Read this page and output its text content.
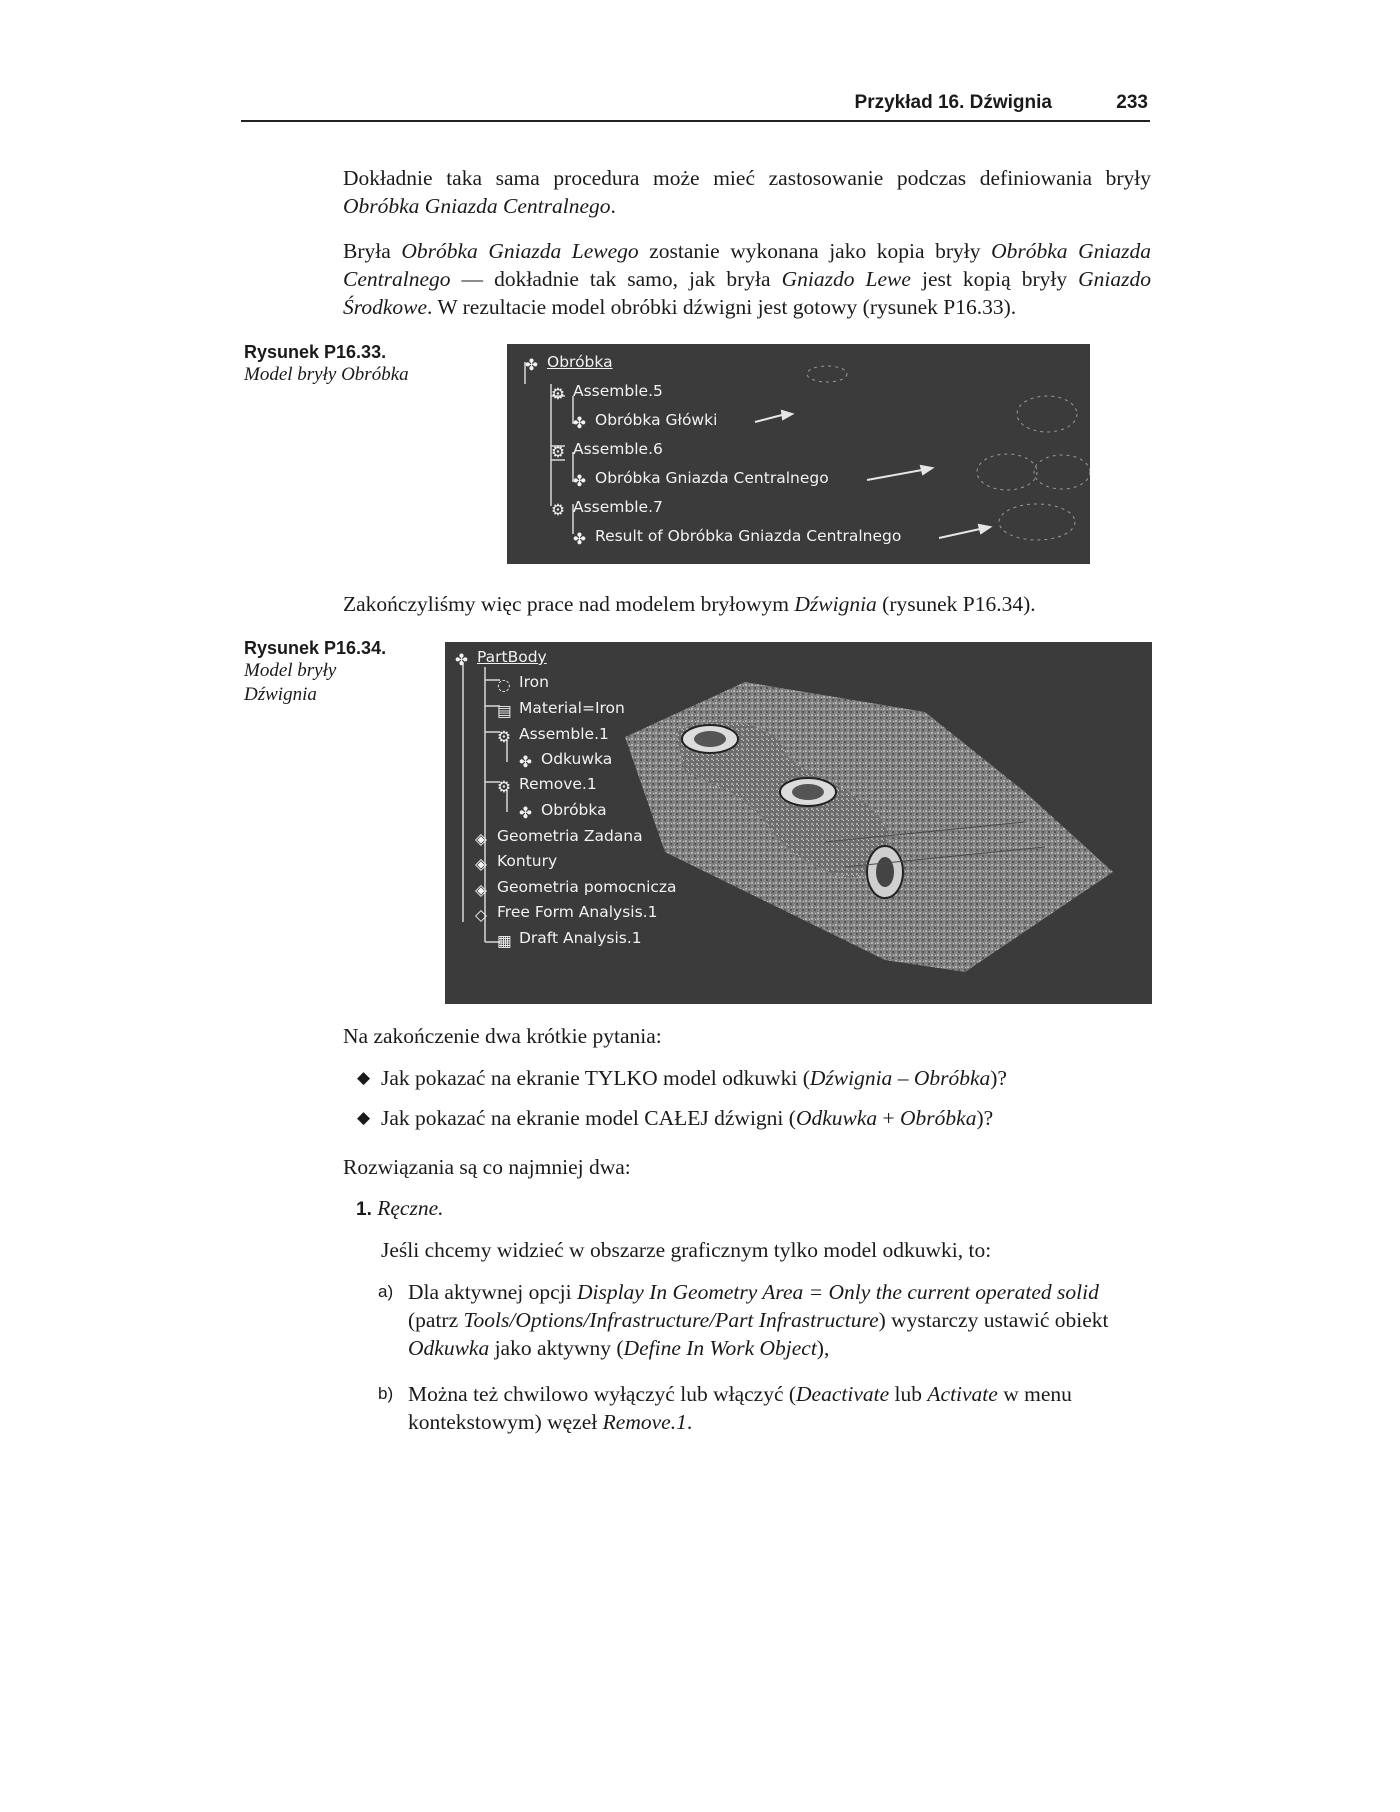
Przykład 16. Dźwignia	233
Dokładnie taka sama procedura może mieć zastosowanie podczas definiowania bryły Obróbka Gniazda Centralnego.
Bryła Obróbka Gniazda Lewego zostanie wykonana jako kopia bryły Obróbka Gniazda Centralnego — dokładnie tak samo, jak bryła Gniazdo Lewe jest kopią bryły Gniazdo Środkowe. W rezultacie model obróbki dźwigni jest gotowy (rysunek P16.33).
Rysunek P16.33.
Model bryły Obróbka	✤ Obróbka
⚙ Assemble.5
✤ Obróbka Główki
⚙ Assemble.6
✤ Obróbka Gniazda Centralnego
⚙ Assemble.7
✤ Result of Obróbka Gniazda Centralnego
Zakończyliśmy więc prace nad modelem bryłowym Dźwignia (rysunek P16.34).
Rysunek P16.34.
Model bryły
Dźwignia
✤ PartBody
◌ Iron
▤ Material=Iron
⚙ Assemble.1
✤ Odkuwka
⚙ Remove.1
✤ Obróbka
◈ Geometria Zadana
◈ Kontury
◈ Geometria pomocnicza
◇ Free Form Analysis.1
▦ Draft Analysis.1
Na zakończenie dwa krótkie pytania:
◆ Jak pokazać na ekranie TYLKO model odkuwki (Dźwignia – Obróbka)?
◆ Jak pokazać na ekranie model CAŁEJ dźwigni (Odkuwka + Obróbka)?
Rozwiązania są co najmniej dwa:
1. Ręczne.
Jeśli chcemy widzieć w obszarze graficznym tylko model odkuwki, to:
a) Dla aktywnej opcji Display In Geometry Area = Only the current operated solid (patrz Tools/Options/Infrastructure/Part Infrastructure) wystarczy ustawić obiekt Odkuwka jako aktywny (Define In Work Object),
b) Można też chwilowo wyłączyć lub włączyć (Deactivate lub Activate w menu kontekstowym) węzeł Remove.1.
